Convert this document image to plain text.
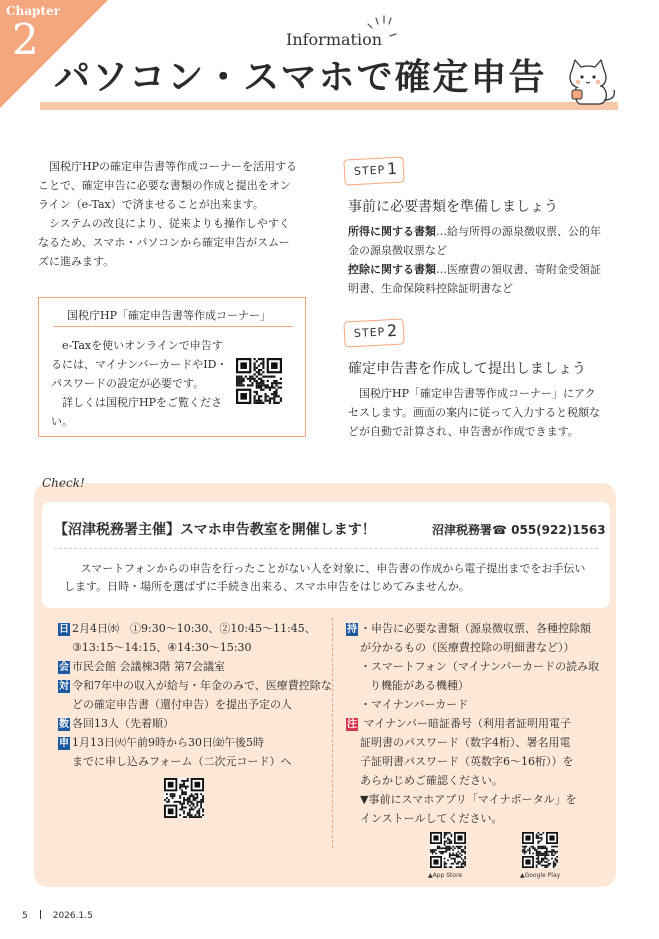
Chapter
2	Information
パソコン・スマホで確定申告

国税庁HPの確定申告書等作成コーナーを活用することで、確定申告に必要な書類の作成と提出をオンライン（e-Tax）で済ませることが出来ます。

システムの改良により、従来よりも操作しやすくなるため、スマホ・パソコンから確定申告がスムーズに進みます。

国税庁HP「確定申告書等作成コーナー」

e-Taxを使いオンラインで申告するには、マイナンバーカードやID・パスワードの設定が必要です。

詳しくは国税庁HPをご覧ください。

STEP 1
事前に必要書類を準備しましょう

所得に関する書類…給与所得の源泉徴収票、公的年金の源泉徴収票など

控除に関する書類…医療費の領収書、寄附金受領証明書、生命保険料控除証明書など

STEP 2
確定申告書を作成して提出しましょう

国税庁HP「確定申告書等作成コーナー」にアクセスします。画面の案内に従って入力すると税額などが自動で計算され、申告書が作成できます。

Check!
【沼津税務署主催】スマホ申告教室を開催します！	沼津税務署☎ 055(922)1563

スマートフォンからの申告を行ったことがない人を対象に、申告書の作成から電子提出までをお手伝いします。日時・場所を選ばずに手続き出来る、スマホ申告をはじめてみませんか。

日 2月4日㈬　①9:30〜10:30、②10:45〜11:45、
③13:15〜14:15、④14:30〜15:30
会 市民会館 会議棟3階 第7会議室
対 令和7年中の収入が給与・年金のみで、医療費控除な
どの確定申告書（還付申告）を提出予定の人
数 各回13人（先着順）
申 1月13日㈫午前9時から30日㈮午後5時
までに申し込みフォーム（二次元コード）へ
持 ・申告に必要な書類（源泉徴収票、各種控除額
が分かるもの（医療費控除の明細書など））
・スマートフォン（マイナンバーカードの読み取
り機能がある機種）
・マイナンバーカード
注 マイナンバー暗証番号（利用者証明用電子
証明書のパスワード（数字4桁）、署名用電
子証明書パスワード（英数字6〜16桁））を
あらかじめご確認ください。
▼事前にスマホアプリ「マイナポータル」を
インストールしてください。
▲App Store	▲Google Play
5	2026.1.5
